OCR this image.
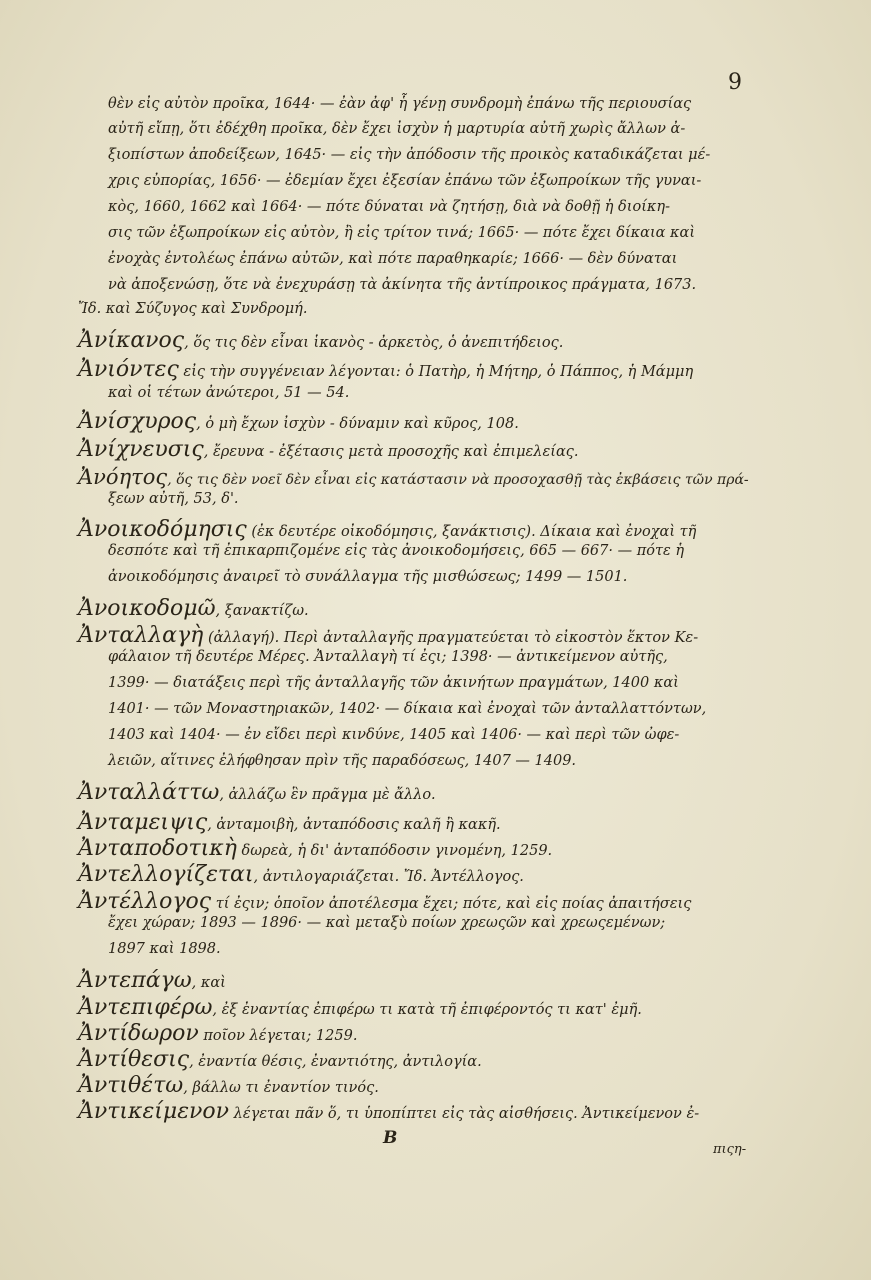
9
θὲν εἰς αὐτὸν προῖκα, 1644· — ἐὰν ἀφ' ἧ γένῃ συνδρομὴ ἐπάνω τῆς περιουσίας
αὐτῆ εἴπῃ, ὅτι ἐδέχθη προῖκα, δὲν ἔχει ἰσχὺν ἡ μαρτυρία αὐτῆ χωρὶς ἄλλων ἀ-
ξιοπίστων ἀποδείξεων, 1645· — εἰς τὴν ἀπόδοσιν τῆς προικὸς καταδικάζεται μέ-
χρις εὐπορίας, 1656· — ἐδεμίαν ἔχει ἐξεσίαν ἐπάνω τῶν ἐξωπροίκων τῆς γυναι-
κὸς, 1660, 1662 καὶ 1664· — πότε δύναται νὰ ζητήσῃ, διὰ νὰ δοθῇ ἡ διοίκη-
σις τῶν ἐξωπροίκων εἰς αὐτὸν, ἢ εἰς τρίτον τινά; 1665· — πότε ἔχει δίκαια καὶ
ἐνοχὰς ἐντολέως ἐπάνω αὐτῶν, καὶ πότε παραθηκαρίε; 1666· — δὲν δύναται
νὰ ἀποξενώσῃ, ὅτε νὰ ἐνεχυράσῃ τὰ ἀκίνητα τῆς ἀντίπροικος πράγματα, 1673.
Ἴδ. καὶ Σύζυγος καὶ Συνδρομή.
Ἀνίκανος, ὅς τις δὲν εἶναι ἱκανὸς - ἀρκετὸς, ὁ ἀνεπιτήδειος.
Ἀνιόντες εἰς τὴν συγγένειαν λέγονται: ὁ Πατὴρ, ἡ Μήτηρ, ὁ Πάππος, ἡ Μάμμη
καὶ οἱ τέτων ἀνώτεροι, 51 — 54.
Ἀνίσχυρος, ὁ μὴ ἔχων ἰσχὺν - δύναμιν καὶ κῦρος, 108.
Ἀνίχνευσις, ἔρευνα - ἐξέτασις μετὰ προσοχῆς καὶ ἐπιμελείας.
Ἀνόητος, ὅς τις δὲν νοεῖ δὲν εἶναι εἰς κατάστασιν νὰ προσοχασθῇ τὰς ἐκβάσεις τῶν πρά-
ξεων αὐτῆ, 53, δ'.
Ἀνοικοδόμησις (ἐκ δευτέρε οἰκοδόμησις, ξανάκτισις). Δίκαια καὶ ἐνοχαὶ τῆ
δεσπότε καὶ τῆ ἐπικαρπιζομένε εἰς τὰς ἀνοικοδομήσεις, 665 — 667· — πότε ἡ
ἀνοικοδόμησις ἀναιρεῖ τὸ συνάλλαγμα τῆς μισθώσεως; 1499 — 1501.
Ἀνοικοδομῶ, ξανακτίζω.
Ἀνταλλαγὴ (ἀλλαγή). Περὶ ἀνταλλαγῆς πραγματεύεται τὸ εἰκοστὸν ἕκτον Κε-
φάλαιον τῆ δευτέρε Μέρες. Ἀνταλλαγὴ τί ἐςι; 1398· — ἀντικείμενον αὐτῆς,
1399· — διατάξεις περὶ τῆς ἀνταλλαγῆς τῶν ἀκινήτων πραγμάτων, 1400 καὶ
1401· — τῶν Μοναστηριακῶν, 1402· — δίκαια καὶ ἐνοχαὶ τῶν ἀνταλλαττόντων,
1403 καὶ 1404· — ἐν εἴδει περὶ κινδύνε, 1405 καὶ 1406· — καὶ περὶ τῶν ὠφε-
λειῶν, αἵτινες ἐλήφθησαν πρὶν τῆς παραδόσεως, 1407 — 1409.
Ἀνταλλάττω, ἀλλάζω ἓν πρᾶγμα μὲ ἄλλο.
Ἀνταμειψις, ἀνταμοιβὴ, ἀνταπόδοσις καλῆ ἢ κακῆ.
Ἀνταποδοτικὴ δωρεὰ, ἡ δι' ἀνταπόδοσιν γινομένη, 1259.
Ἀντελλογίζεται, ἀντιλογαριάζεται. Ἴδ. Ἀντέλλογος.
Ἀντέλλογος τί ἐςιν; ὁποῖον ἀποτέλεσμα ἔχει; πότε, καὶ εἰς ποίας ἀπαιτήσεις
ἔχει χώραν; 1893 — 1896· — καὶ μεταξὺ ποίων χρεωςῶν καὶ χρεωςεμένων;
1897 καὶ 1898.
Ἀντεπάγω, καὶ
Ἀντεπιφέρω, ἐξ ἐναντίας ἐπιφέρω τι κατὰ τῆ ἐπιφέροντός τι κατ' ἐμῆ.
Ἀντίδωρον ποῖον λέγεται; 1259.
Ἀντίθεσις, ἐναντία θέσις, ἐναντιότης, ἀντιλογία.
Ἀντιθέτω, βάλλω τι ἐναντίον τινός.
Ἀντικείμενον λέγεται πᾶν ὅ, τι ὑποπίπτει εἰς τὰς αἰσθήσεις. Ἀντικείμενον ἐ-
B
πιςη-
